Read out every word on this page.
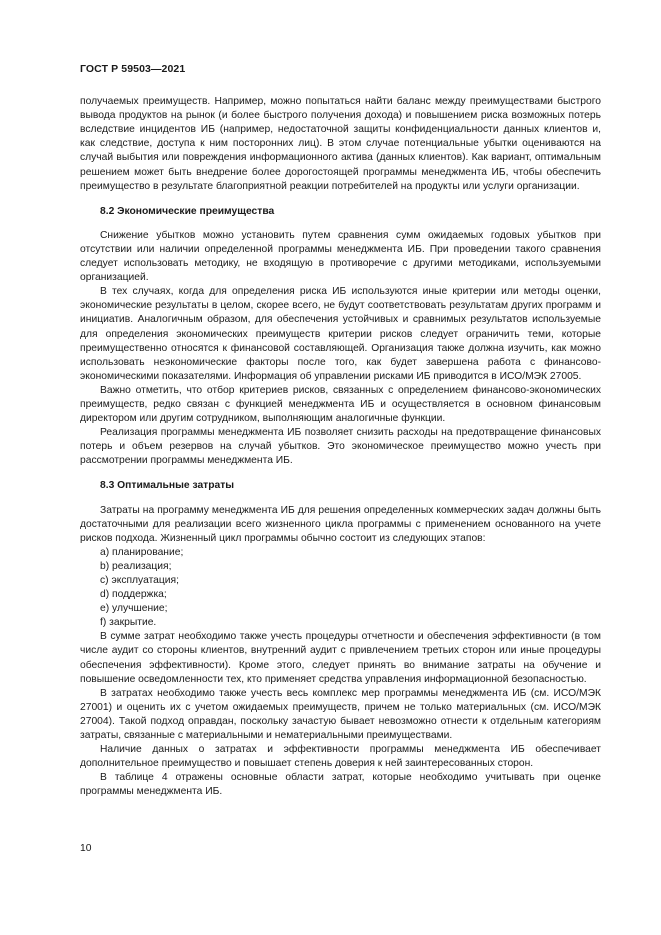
ГОСТ Р 59503—2021

получаемых преимуществ. Например, можно попытаться найти баланс между преимуществами быстрого вывода продуктов на рынок (и более быстрого получения дохода) и повышением риска возможных потерь вследствие инцидентов ИБ (например, недостаточной защиты конфиденциальности данных клиентов и, как следствие, доступа к ним посторонних лиц). В этом случае потенциальные убытки оцениваются на случай выбытия или повреждения информационного актива (данных клиентов). Как вариант, оптимальным решением может быть внедрение более дорогостоящей программы менеджмента ИБ, чтобы обеспечить преимущество в результате благоприятной реакции потребителей на продукты или услуги организации.

8.2 Экономические преимущества

Снижение убытков можно установить путем сравнения сумм ожидаемых годовых убытков при отсутствии или наличии определенной программы менеджмента ИБ. При проведении такого сравнения следует использовать методику, не входящую в противоречие с другими методиками, используемыми организацией.

В тех случаях, когда для определения риска ИБ используются иные критерии или методы оценки, экономические результаты в целом, скорее всего, не будут соответствовать результатам других программ и инициатив. Аналогичным образом, для обеспечения устойчивых и сравнимых результатов используемые для определения экономических преимуществ критерии рисков следует ограничить теми, которые преимущественно относятся к финансовой составляющей. Организация также должна изучить, как можно использовать неэкономические факторы после того, как будет завершена работа с финансово-экономическими показателями. Информация об управлении рисками ИБ приводится в ИСО/МЭК 27005.

Важно отметить, что отбор критериев рисков, связанных с определением финансово-экономических преимуществ, редко связан с функцией менеджмента ИБ и осуществляется в основном финансовым директором или другим сотрудником, выполняющим аналогичные функции.

Реализация программы менеджмента ИБ позволяет снизить расходы на предотвращение финансовых потерь и объем резервов на случай убытков. Это экономическое преимущество можно учесть при рассмотрении программы менеджмента ИБ.

8.3 Оптимальные затраты

Затраты на программу менеджмента ИБ для решения определенных коммерческих задач должны быть достаточными для реализации всего жизненного цикла программы с применением основанного на учете рисков подхода. Жизненный цикл программы обычно состоит из следующих этапов:

a) планирование;
b) реализация;
c) эксплуатация;
d) поддержка;
e) улучшение;
f) закрытие.

В сумме затрат необходимо также учесть процедуры отчетности и обеспечения эффективности (в том числе аудит со стороны клиентов, внутренний аудит с привлечением третьих сторон или иные процедуры обеспечения эффективности). Кроме этого, следует принять во внимание затраты на обучение и повышение осведомленности тех, кто применяет средства управления информационной безопасностью.

В затратах необходимо также учесть весь комплекс мер программы менеджмента ИБ (см. ИСО/МЭК 27001) и оценить их с учетом ожидаемых преимуществ, причем не только материальных (см. ИСО/МЭК 27004). Такой подход оправдан, поскольку зачастую бывает невозможно отнести к отдельным категориям затраты, связанные с материальными и нематериальными преимуществами.

Наличие данных о затратах и эффективности программы менеджмента ИБ обеспечивает дополнительное преимущество и повышает степень доверия к ней заинтересованных сторон.

В таблице 4 отражены основные области затрат, которые необходимо учитывать при оценке программы менеджмента ИБ.

10
